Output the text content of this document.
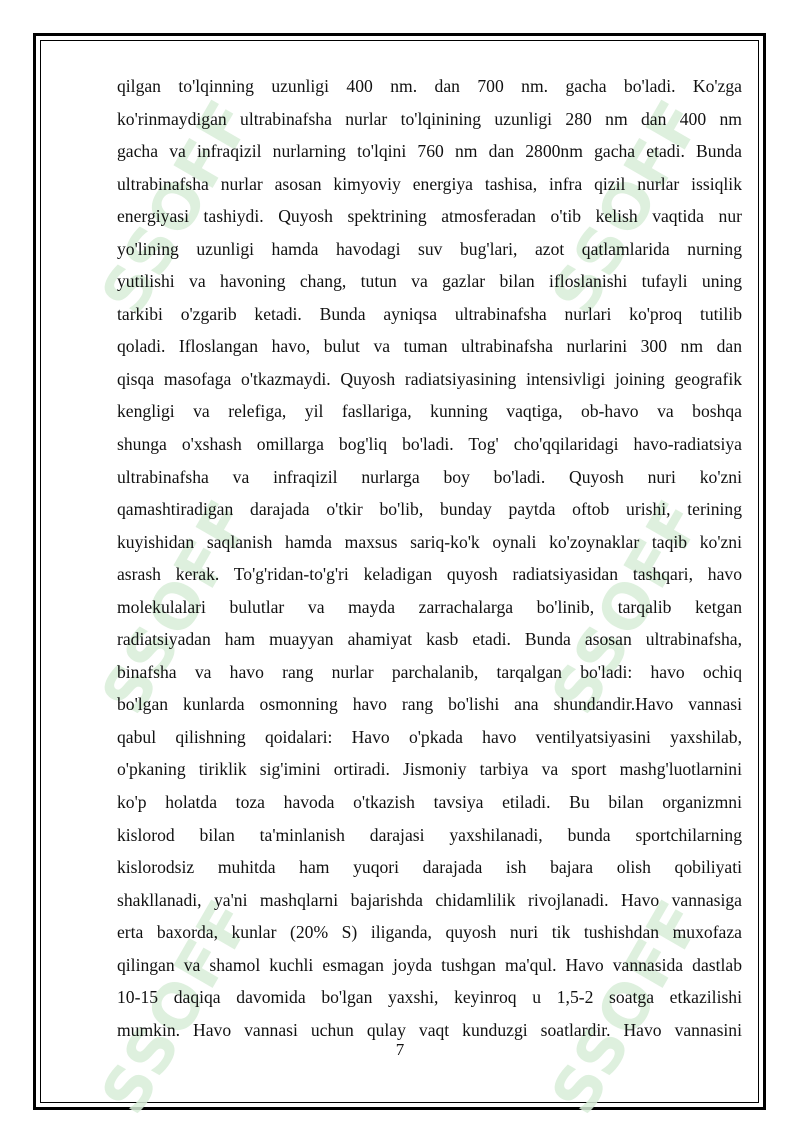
SSOFF	SSOFF
SSOFF	SSOFF
SSOFF	SSOFF
qilgan to'lqinning uzunligi 400 nm. dan 700 nm. gacha bo'ladi. Ko'zga
ko'rinmaydigan ultrabinafsha nurlar to'lqinining uzunligi 280 nm dan 400 nm
gacha va infraqizil nurlarning to'lqini 760 nm dan 2800nm gacha etadi. Bunda
ultrabinafsha nurlar asosan kimyoviy energiya tashisa, infra qizil nurlar issiqlik
energiyasi tashiydi. Quyosh spektrining atmosferadan o'tib kelish vaqtida nur
yo'lining uzunligi hamda havodagi suv bug'lari, azot qatlamlarida nurning
yutilishi va havoning chang, tutun va gazlar bilan ifloslanishi tufayli uning
tarkibi o'zgarib ketadi. Bunda ayniqsa ultrabinafsha nurlari ko'proq tutilib
qoladi. Ifloslangan havo, bulut va tuman ultrabinafsha nurlarini 300 nm dan
qisqa masofaga o'tkazmaydi. Quyosh radiatsiyasining intensivligi joining geografik
kengligi va relefiga, yil fasllariga, kunning vaqtiga, ob-havo va boshqa
shunga o'xshash omillarga bog'liq bo'ladi. Tog' cho'qqilaridagi havo-radiatsiya
ultrabinafsha va infraqizil nurlarga boy bo'ladi. Quyosh nuri ko'zni
qamashtiradigan darajada o'tkir bo'lib, bunday paytda oftob urishi, terining
kuyishidan saqlanish hamda maxsus sariq-ko'k oynali ko'zoynaklar taqib ko'zni
asrash kerak. To'g'ridan-to'g'ri keladigan quyosh radiatsiyasidan tashqari, havo
molekulalari bulutlar va mayda zarrachalarga bo'linib, tarqalib ketgan
radiatsiyadan ham muayyan ahamiyat kasb etadi. Bunda asosan ultrabinafsha,
binafsha va havo rang nurlar parchalanib, tarqalgan bo'ladi: havo ochiq
bo'lgan kunlarda osmonning havo rang bo'lishi ana shundandir.Havo vannasi
qabul qilishning qoidalari: Havo o'pkada havo ventilyatsiyasini yaxshilab,
o'pkaning tiriklik sig'imini ortiradi. Jismoniy tarbiya va sport mashg'luotlarnini
ko'p holatda toza havoda o'tkazish tavsiya etiladi. Bu bilan organizmni
kislorod bilan ta'minlanish darajasi yaxshilanadi, bunda sportchilarning
kislorodsiz muhitda ham yuqori darajada ish bajara olish qobiliyati
shakllanadi, ya'ni mashqlarni bajarishda chidamlilik rivojlanadi. Havo vannasiga
erta baxorda, kunlar (20% S) iliganda, quyosh nuri tik tushishdan muxofaza
qilingan va shamol kuchli esmagan joyda tushgan ma'qul. Havo vannasida dastlab
10-15 daqiqa davomida bo'lgan yaxshi, keyinroq u 1,5-2 soatga etkazilishi
mumkin. Havo vannasi uchun qulay vaqt kunduzgi soatlardir. Havo vannasini
7
